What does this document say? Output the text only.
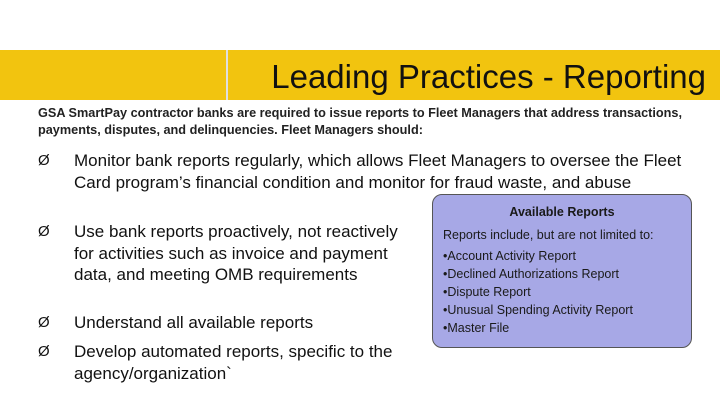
Leading Practices - Reporting
GSA SmartPay contractor banks are required to issue reports to Fleet Managers that address transactions, payments, disputes, and delinquencies. Fleet Managers should:
Ø Monitor bank reports regularly, which allows Fleet Managers to oversee the Fleet Card program’s financial condition and monitor for fraud waste, and abuse
Ø Use bank reports proactively, not reactively for activities such as invoice and payment data, and meeting OMB requirements
Ø Understand all available reports
Ø Develop automated reports, specific to the agency/organization`
Available Reports
Reports include, but are not limited to:
• Account Activity Report
• Declined Authorizations Report
• Dispute Report
• Unusual Spending Activity Report
• Master File
